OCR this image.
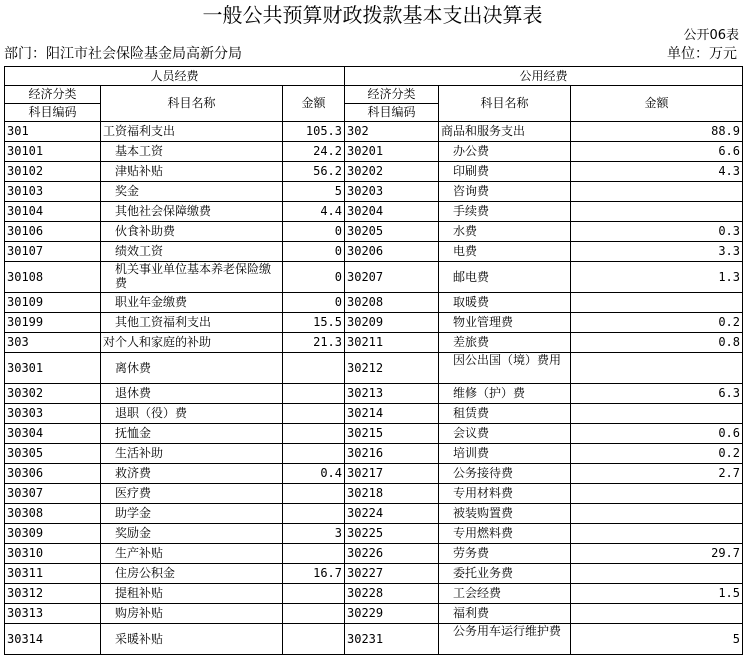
一般公共预算财政拨款基本支出决算表
公开06表
部门：阳江市社会保险基金局高新分局	单位：万元
人员经费			公用经费		
经济分类	科目名称	金额	经济分类	科目名称	金额
科目编码			科目编码		
301	工资福利支出	105.3	302	商品和服务支出	88.9
30101	基本工资	24.2	30201	办公费	6.6
30102	津贴补贴	56.2	30202	印刷费	4.3
30103	奖金	5	30203	咨询费	
30104	其他社会保障缴费	4.4	30204	手续费	
30106	伙食补助费	0	30205	水费	0.3
30107	绩效工资	0	30206	电费	3.3
30108	机关事业单位基本养老保险缴费	0	30207	邮电费	1.3
30109	职业年金缴费	0	30208	取暖费	
30199	其他工资福利支出	15.5	30209	物业管理费	0.2
303	对个人和家庭的补助	21.3	30211	差旅费	0.8
30301	离休费		30212	因公出国（境）费用	
30302	退休费		30213	维修（护）费	6.3
30303	退职（役）费		30214	租赁费	
30304	抚恤金		30215	会议费	0.6
30305	生活补助		30216	培训费	0.2
30306	救济费	0.4	30217	公务接待费	2.7
30307	医疗费		30218	专用材料费	
30308	助学金		30224	被装购置费	
30309	奖励金	3	30225	专用燃料费	
30310	生产补贴		30226	劳务费	29.7
30311	住房公积金	16.7	30227	委托业务费	
30312	提租补贴		30228	工会经费	1.5
30313	购房补贴		30229	福利费	
30314	采暖补贴		30231	公务用车运行维护费	5
